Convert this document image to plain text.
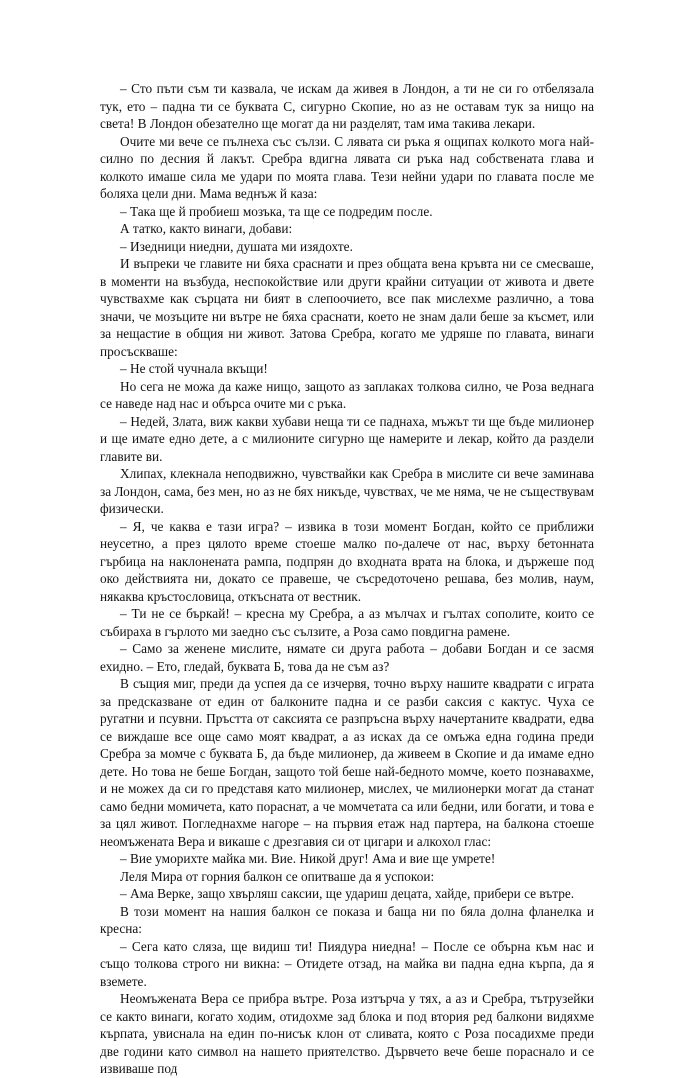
– Сто пъти съм ти казвала, че искам да живея в Лондон, а ти не си го отбелязала тук, ето – падна ти се буквата С, сигурно Скопие, но аз не оставам тук за нищо на света! В Лондон обезателно ще могат да ни разделят, там има такива лекари.

Очите ми вече се пълнеха със сълзи. С лявата си ръка я ощипах колкото мога най-силно по десния й лакът. Сребра вдигна лявата си ръка над собствената глава и колкото имаше сила ме удари по моята глава. Тези нейни удари по главата после ме боляха цели дни. Мама веднъж й каза:

– Така ще й пробиеш мозъка, та ще се подредим после.

А татко, както винаги, добави:

– Изедници ниедни, душата ми изядохте.

И въпреки че главите ни бяха сраснати и през общата вена кръвта ни се смесваше, в моменти на възбуда, неспокойствие или други крайни ситуации от живота и двете чувствахме как сърцата ни бият в слепоочието, все пак мислехме различно, а това значи, че мозъците ни вътре не бяха сраснати, което не знам дали беше за късмет, или за нещастие в общия ни живот. Затова Сребра, когато ме удряше по главата, винаги просъскваше:

– Не стой чучнала вкъщи!

Но сега не можа да каже нищо, защото аз заплаках толкова силно, че Роза веднага се наведе над нас и обърса очите ми с ръка.

– Недей, Злата, виж какви хубави неща ти се паднаха, мъжът ти ще бъде милионер и ще имате едно дете, а с милионите сигурно ще намерите и лекар, който да раздели главите ви.

Хлипах, клекнала неподвижно, чувствайки как Сребра в мислите си вече заминава за Лондон, сама, без мен, но аз не бях никъде, чувствах, че ме няма, че не съществувам физически.

– Я, че каква е тази игра? – извика в този момент Богдан, който се приближи неусетно, а през цялото време стоеше малко по-далече от нас, върху бетонната гърбица на наклонената рампа, подпрян до входната врата на блока, и държеше под око действията ни, докато се правеше, че съсредоточено решава, без молив, наум, някаква кръстословица, откъсната от вестник.

– Ти не се бъркай! – кресна му Сребра, а аз мълчах и гълтах сополите, които се събираха в гърлото ми заедно със сълзите, а Роза само повдигна рамене.

– Само за женене мислите, нямате си друга работа – добави Богдан и се засмя ехидно. – Ето, гледай, буквата Б, това да не съм аз?

В същия миг, преди да успея да се изчервя, точно върху нашите квадрати с играта за предсказване от един от балконите падна и се разби саксия с кактус. Чуха се ругатни и псувни. Пръстта от саксията се разпръсна върху начертаните квадрати, едва се виждаше все още само моят квадрат, а аз исках да се омъжа една година преди Сребра за момче с буквата Б, да бъде милионер, да живеем в Скопие и да имаме едно дете. Но това не беше Богдан, защото той беше най-бедното момче, което познавахме, и не можех да си го представя като милионер, мислех, че милионерки могат да станат само бедни момичета, като пораснат, а че момчетата са или бедни, или богати, и това е за цял живот. Погледнахме нагоре – на първия етаж над партера, на балкона стоеше неомъжената Вера и викаше с дрезгавия си от цигари и алкохол глас:

– Вие уморихте майка ми. Вие. Никой друг! Ама и вие ще умрете!

Леля Мира от горния балкон се опитваше да я успокои:

– Ама Верке, защо хвърляш саксии, ще удариш децата, хайде, прибери се вътре.

В този момент на нашия балкон се показа и баща ни по бяла долна фланелка и кресна:

– Сега като сляза, ще видиш ти! Пиядура ниедна! – После се обърна към нас и също толкова строго ни викна: – Отидете отзад, на майка ви падна една кърпа, да я вземете.

Неомъжената Вера се прибра вътре. Роза изтърча у тях, а аз и Сребра, тътрузейки се както винаги, когато ходим, отидохме зад блока и под втория ред балкони видяхме кърпата, увиснала на един по-нисък клон от сливата, която с Роза посадихме преди две години като символ на нашето приятелство. Дървчето вече беше пораснало и се извиваше под
